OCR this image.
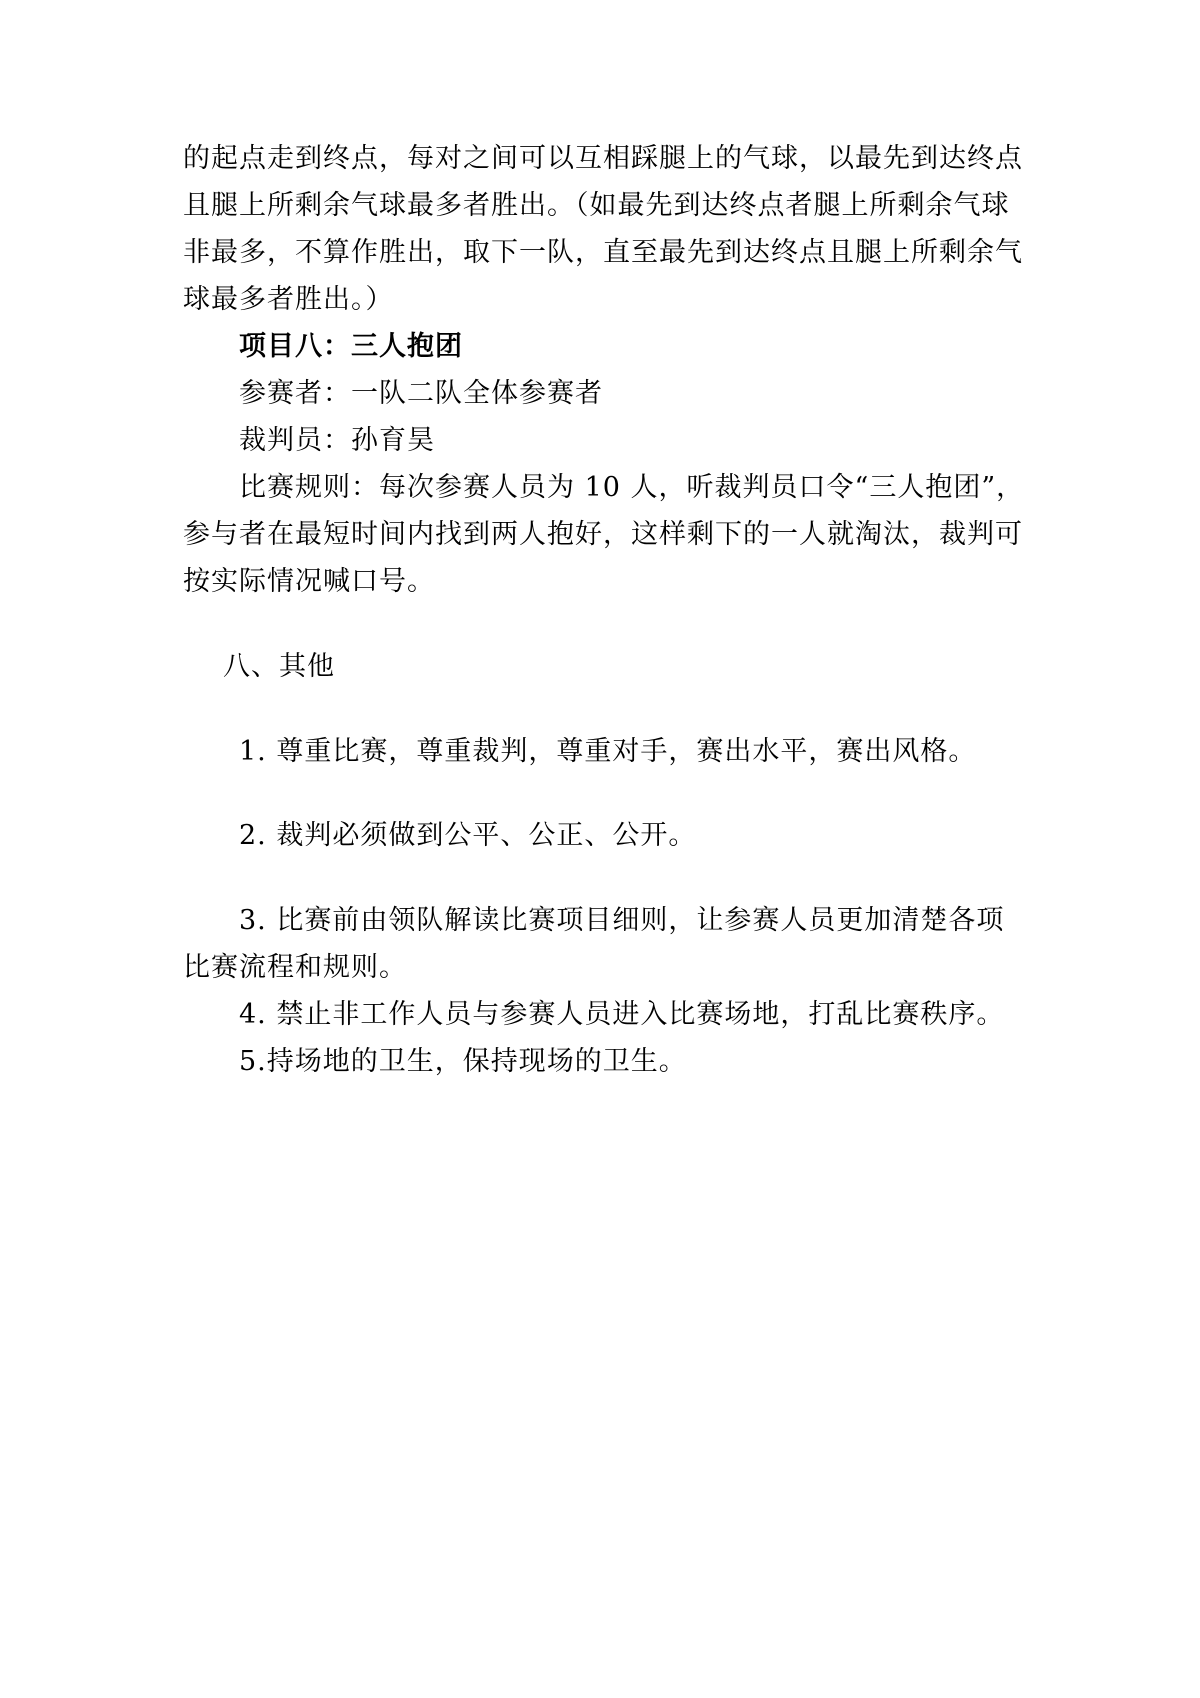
的起点走到终点，每对之间可以互相踩腿上的气球，以最先到达终点
且腿上所剩余气球最多者胜出。（如最先到达终点者腿上所剩余气球
非最多，不算作胜出，取下一队，直至最先到达终点且腿上所剩余气
球最多者胜出。）
项目八：三人抱团
参赛者：一队二队全体参赛者
裁判员：孙育昊
比赛规则：每次参赛人员为 10 人，听裁判员口令“三人抱团”，
参与者在最短时间内找到两人抱好，这样剩下的一人就淘汰，裁判可
按实际情况喊口号。
八、其他
1. 尊重比赛，尊重裁判，尊重对手，赛出水平，赛出风格。
2. 裁判必须做到公平、公正、公开。
3. 比赛前由领队解读比赛项目细则，让参赛人员更加清楚各项
比赛流程和规则。
4. 禁止非工作人员与参赛人员进入比赛场地，打乱比赛秩序。
5.持场地的卫生，保持现场的卫生。
